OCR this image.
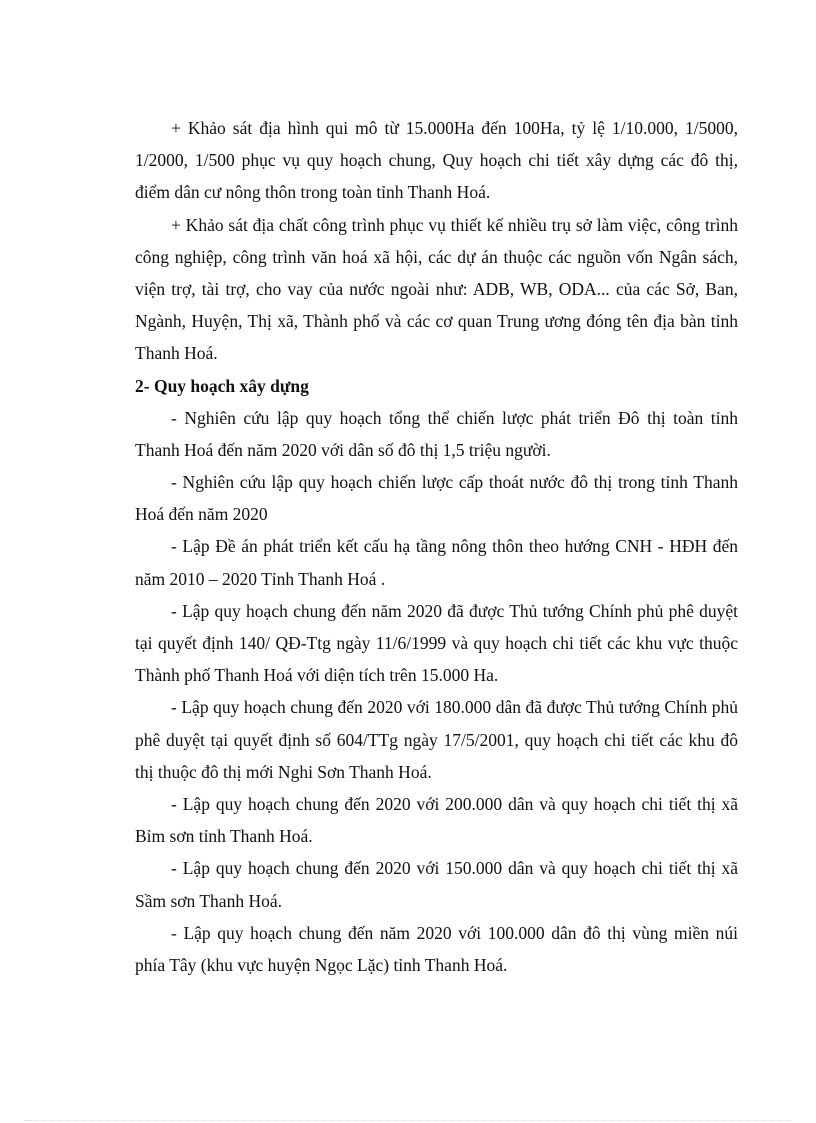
+ Khảo sát địa hình qui mô từ 15.000Ha đến 100Ha, tỷ lệ 1/10.000, 1/5000, 1/2000, 1/500 phục vụ quy hoạch chung, Quy hoạch chi tiết xây dựng các đô thị, điểm dân cư nông thôn trong toàn tỉnh Thanh Hoá.

+ Khảo sát địa chất công trình phục vụ thiết kế nhiều trụ sở làm việc, công trình công nghiệp, công trình văn hoá xã hội, các dự án thuộc các nguồn vốn Ngân sách, viện trợ, tài trợ, cho vay của nước ngoài như: ADB, WB, ODA... của các Sở, Ban, Ngành, Huyện, Thị xã, Thành phố và các cơ quan Trung ương đóng tên địa bàn tỉnh Thanh Hoá.

2- Quy hoạch xây dựng

- Nghiên cứu lập quy hoạch tổng thể chiến lược phát triển Đô thị toàn tỉnh Thanh Hoá đến năm 2020 với dân số đô thị 1,5 triệu người.

- Nghiên cứu lập quy hoạch chiến lược cấp thoát nước đô thị trong tỉnh Thanh Hoá đến năm 2020

- Lập Đề án phát triển kết cấu hạ tầng nông thôn theo hướng CNH - HĐH đến năm 2010 – 2020 Tỉnh Thanh Hoá .

- Lập quy hoạch chung đến năm 2020 đã được Thủ tướng Chính phủ phê duyệt tại quyết định 140/ QĐ-Ttg ngày 11/6/1999 và quy hoạch chi tiết các khu vực thuộc Thành phố Thanh Hoá với diện tích trên 15.000 Ha.

- Lập quy hoạch chung đến 2020 với 180.000 dân đã được Thủ tướng Chính phủ phê duyệt tại quyết định số 604/TTg ngày 17/5/2001, quy hoạch chi tiết các khu đô thị thuộc đô thị mới Nghi Sơn Thanh Hoá.

- Lập quy hoạch chung đến 2020 với 200.000 dân và quy hoạch chi tiết thị xã Bỉm sơn tỉnh Thanh Hoá.

- Lập quy hoạch chung đến 2020 với 150.000 dân và quy hoạch chi tiết thị xã Sầm sơn Thanh Hoá.

- Lập quy hoạch chung đến năm 2020 với 100.000 dân đô thị vùng miền núi phía Tây (khu vực huyện Ngọc Lặc) tỉnh Thanh Hoá.
